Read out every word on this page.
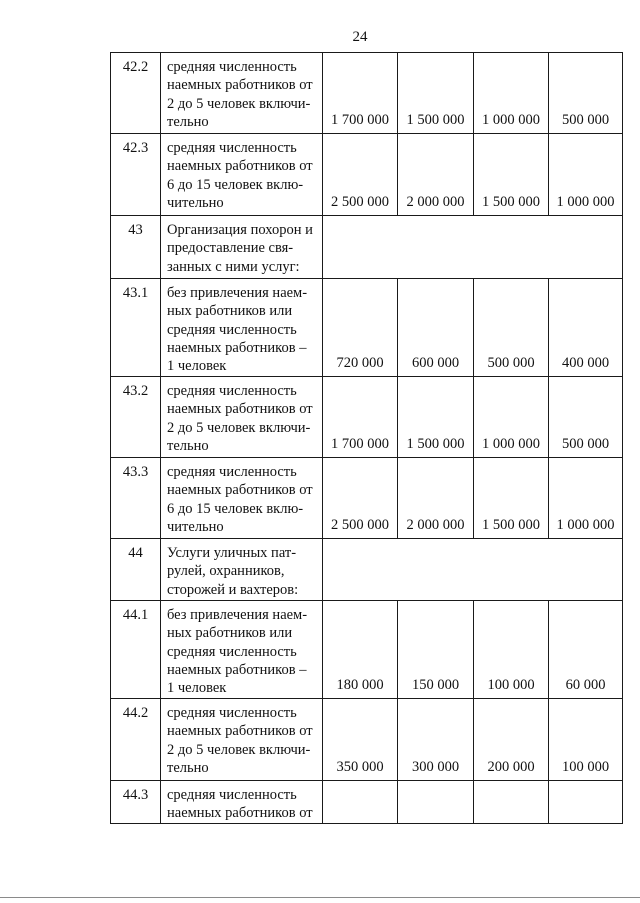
24
42.2	средняя численность
наемных работников от
2 до 5 человек включи-
тельно	1 700 000	1 500 000	1 000 000	500 000
42.3	средняя численность
наемных работников от
6 до 15 человек вклю-
чительно	2 500 000	2 000 000	1 500 000	1 000 000
43	Организация похорон и
предоставление свя-
занных с ними услуг:				
43.1	без привлечения наем-
ных работников или
средняя численность
наемных работников –
1 человек	720 000	600 000	500 000	400 000
43.2	средняя численность
наемных работников от
2 до 5 человек включи-
тельно	1 700 000	1 500 000	1 000 000	500 000
43.3	средняя численность
наемных работников от
6 до 15 человек вклю-
чительно	2 500 000	2 000 000	1 500 000	1 000 000
44	Услуги уличных пат-
рулей, охранников,
сторожей и вахтеров:				
44.1	без привлечения наем-
ных работников или
средняя численность
наемных работников –
1 человек	180 000	150 000	100 000	60 000
44.2	средняя численность
наемных работников от
2 до 5 человек включи-
тельно	350 000	300 000	200 000	100 000
44.3	средняя численность
наемных работников от				
